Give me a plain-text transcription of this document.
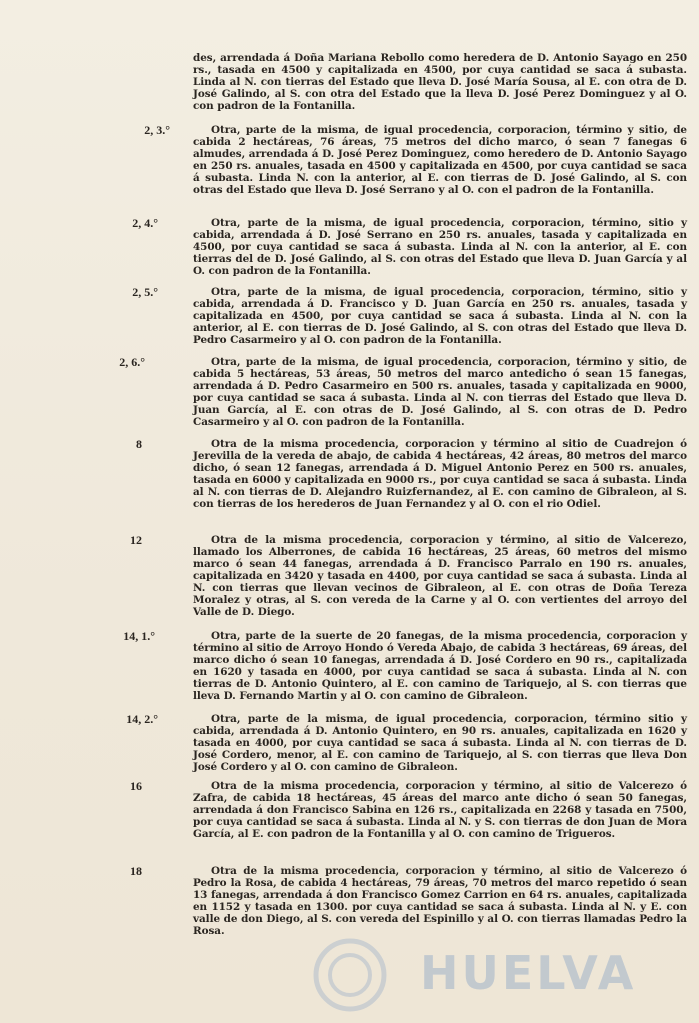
HUELVA
des, arrendada á Doña Mariana Rebollo como heredera de D. Antonio Sayago en 250 rs., tasada en 4500 y capitalizada en 4500, por cuya cantidad se saca á subasta. Linda al N. con tierras del Estado que lleva D. José María Sousa, al E. con otra de D. José Galindo, al S. con otra del Estado que la lleva D. José Perez Dominguez y al O. con padron de la Fontanilla.
2, 3.°	Otra, parte de la misma, de igual procedencia, corporacion, término y sitio, de cabida 2 hectáreas, 76 áreas, 75 metros del dicho marco, ó sean 7 fanegas 6 almudes, arrendada á D. José Perez Dominguez, como heredero de D. Antonio Sayago en 250 rs. anuales, tasada en 4500 y capitalizada en 4500, por cuya cantidad se saca á subasta. Linda N. con la anterior, al E. con tierras de D. José Galindo, al S. con otras del Estado que lleva D. José Serrano y al O. con el padron de la Fontanilla.
2, 4.°	Otra, parte de la misma, de igual procedencia, corporacion, término, sitio y cabida, arrendada á D. José Serrano en 250 rs. anuales, tasada y capitalizada en 4500, por cuya cantidad se saca á subasta. Linda al N. con la anterior, al E. con tierras del de D. José Galindo, al S. con otras del Estado que lleva D. Juan García y al O. con padron de la Fontanilla.
2, 5.°	Otra, parte de la misma, de igual procedencia, corporacion, término, sitio y cabida, arrendada á D. Francisco y D. Juan García en 250 rs. anuales, tasada y capitalizada en 4500, por cuya cantidad se saca á subasta. Linda al N. con la anterior, al E. con tierras de D. José Galindo, al S. con otras del Estado que lleva D. Pedro Casarmeiro y al O. con padron de la Fontanilla.
2, 6.°	Otra, parte de la misma, de igual procedencia, corporacion, término y sitio, de cabida 5 hectáreas, 53 áreas, 50 metros del marco antedicho ó sean 15 fanegas, arrendada á D. Pedro Casarmeiro en 500 rs. anuales, tasada y capitalizada en 9000, por cuya cantidad se saca á subasta. Linda al N. con tierras del Estado que lleva D. Juan García, al E. con otras de D. José Galindo, al S. con otras de D. Pedro Casarmeiro y al O. con padron de la Fontanilla.
8	Otra de la misma procedencia, corporacion y término al sitio de Cuadrejon ó Jerevilla de la vereda de abajo, de cabida 4 hectáreas, 42 áreas, 80 metros del marco dicho, ó sean 12 fanegas, arrendada á D. Miguel Antonio Perez en 500 rs. anuales, tasada en 6000 y capitalizada en 9000 rs., por cuya cantidad se saca á subasta. Linda al N. con tierras de D. Alejandro Ruizfernandez, al E. con camino de Gibraleon, al S. con tierras de los herederos de Juan Fernandez y al O. con el rio Odiel.
12	Otra de la misma procedencia, corporacion y término, al sitio de Valcerezo, llamado los Alberrones, de cabida 16 hectáreas, 25 áreas, 60 metros del mismo marco ó sean 44 fanegas, arrendada á D. Francisco Parralo en 190 rs. anuales, capitalizada en 3420 y tasada en 4400, por cuya cantidad se saca á subasta. Linda al N. con tierras que llevan vecinos de Gibraleon, al E. con otras de Doña Tereza Moralez y otras, al S. con vereda de la Carne y al O. con vertientes del arroyo del Valle de D. Diego.
14, 1.°	Otra, parte de la suerte de 20 fanegas, de la misma procedencia, corporacion y término al sitio de Arroyo Hondo ó Vereda Abajo, de cabida 3 hectáreas, 69 áreas, del marco dicho ó sean 10 fanegas, arrendada á D. José Cordero en 90 rs., capitalizada en 1620 y tasada en 4000, por cuya cantidad se saca á subasta. Linda al N. con tierras de D. Antonio Quintero, al E. con camino de Tariquejo, al S. con tierras que lleva D. Fernando Martin y al O. con camino de Gibraleon.
14, 2.°	Otra, parte de la misma, de igual procedencia, corporacion, término sitio y cabida, arrendada á D. Antonio Quintero, en 90 rs. anuales, capitalizada en 1620 y tasada en 4000, por cuya cantidad se saca á subasta. Linda al N. con tierras de D. José Cordero, menor, al E. con camino de Tariquejo, al S. con tierras que lleva Don José Cordero y al O. con camino de Gibraleon.
16	Otra de la misma procedencia, corporacion y término, al sitio de Valcerezo ó Zafra, de cabida 18 hectáreas, 45 áreas del marco ante dicho ó sean 50 fanegas, arrendada á don Francisco Sabina en 126 rs., capitalizada en 2268 y tasada en 7500, por cuya cantidad se saca á subasta. Linda al N. y S. con tierras de don Juan de Mora García, al E. con padron de la Fontanilla y al O. con camino de Trigueros.
18	Otra de la misma procedencia, corporacion y término, al sitio de Valcerezo ó Pedro la Rosa, de cabida 4 hectáreas, 79 áreas, 70 metros del marco repetido ó sean 13 fanegas, arrendada á don Francisco Gomez Carrion en 64 rs. anuales, capitalizada en 1152 y tasada en 1300. por cuya cantidad se saca á subasta. Linda al N. y E. con valle de don Diego, al S. con vereda del Espinillo y al O. con tierras llamadas Pedro la Rosa.
